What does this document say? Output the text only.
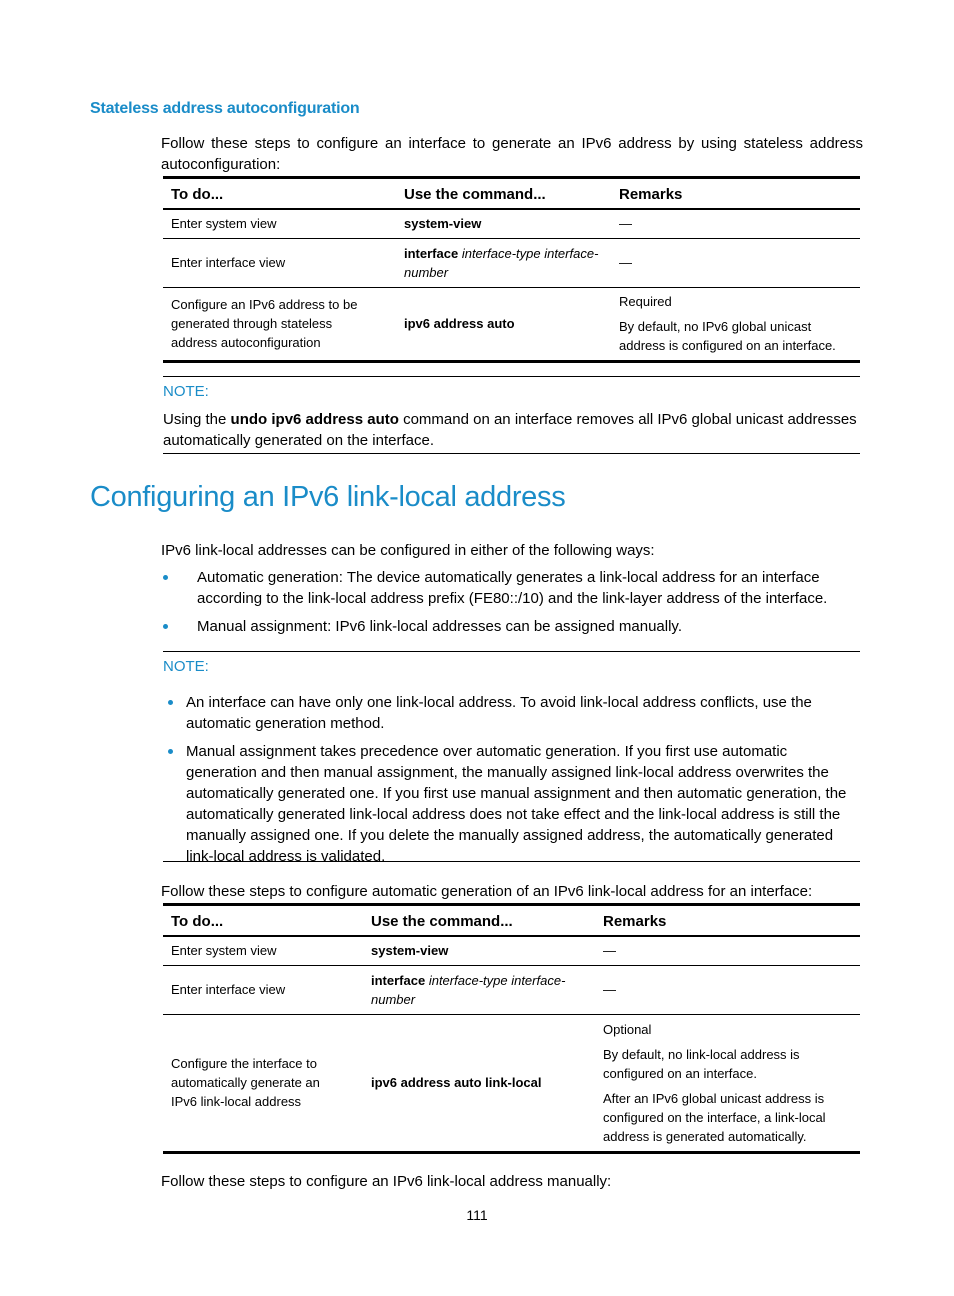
Stateless address autoconfiguration
Follow these steps to configure an interface to generate an IPv6 address by using stateless address autoconfiguration:
To do...	Use the command...	Remarks
Enter system view	system-view	—

Enter interface view	interface interface-type interface-number	—

Configure an IPv6 address to be generated through stateless address autoconfiguration	ipv6 address auto	Required

By default, no IPv6 global unicast address is configured on an interface.

NOTE:
Using the undo ipv6 address auto command on an interface removes all IPv6 global unicast addresses automatically generated on the interface.
Configuring an IPv6 link-local address
IPv6 link-local addresses can be configured in either of the following ways:
Automatic generation: The device automatically generates a link-local address for an interface according to the link-local address prefix (FE80::/10) and the link-layer address of the interface.
Manual assignment: IPv6 link-local addresses can be assigned manually.
NOTE:
An interface can have only one link-local address. To avoid link-local address conflicts, use the automatic generation method.
Manual assignment takes precedence over automatic generation. If you first use automatic generation and then manual assignment, the manually assigned link-local address overwrites the automatically generated one. If you first use manual assignment and then automatic generation, the automatically generated link-local address does not take effect and the link-local address is still the manually assigned one. If you delete the manually assigned address, the automatically generated link-local address is validated.
Follow these steps to configure automatic generation of an IPv6 link-local address for an interface:
To do...	Use the command...	Remarks
Enter system view	system-view	—

Enter interface view	interface interface-type interface-number	—

Configure the interface to automatically generate an IPv6 link-local address	ipv6 address auto link-local	Optional

By default, no link-local address is configured on an interface.

After an IPv6 global unicast address is configured on the interface, a link-local address is generated automatically.

Follow these steps to configure an IPv6 link-local address manually:
111
